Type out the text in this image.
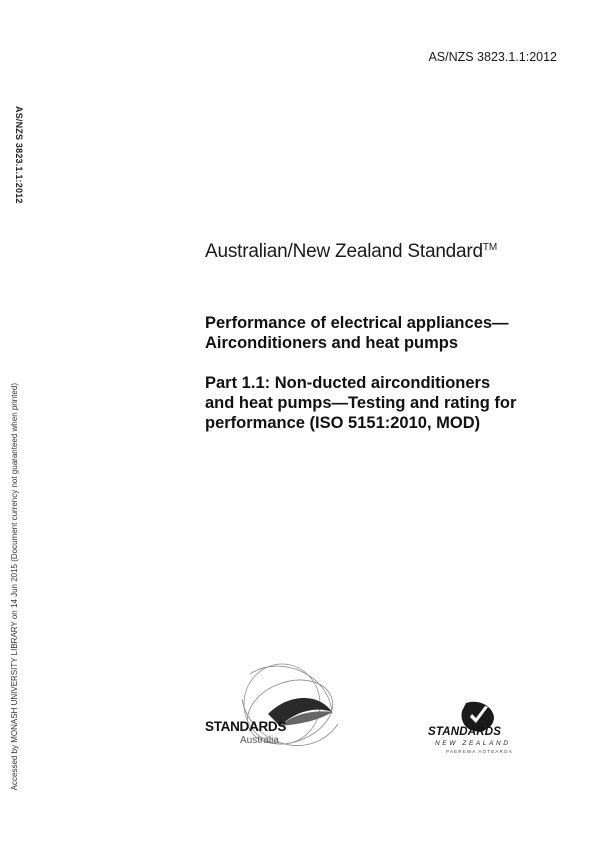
AS/NZS 3823.1.1:2012
AS/NZS 3823.1.1:2012
Accessed by MONASH UNIVERSITY LIBRARY on 14 Jun 2015 (Document currency not guaranteed when printed)
Australian/New Zealand Standard™
Performance of electrical appliances—
Airconditioners and heat pumps
Part 1.1: Non-ducted airconditioners
and heat pumps—Testing and rating for
performance (ISO 5151:2010, MOD)
STANDARDS
Australia
STANDARDS
NEW ZEALAND
PAEREWA AOTEAROA
